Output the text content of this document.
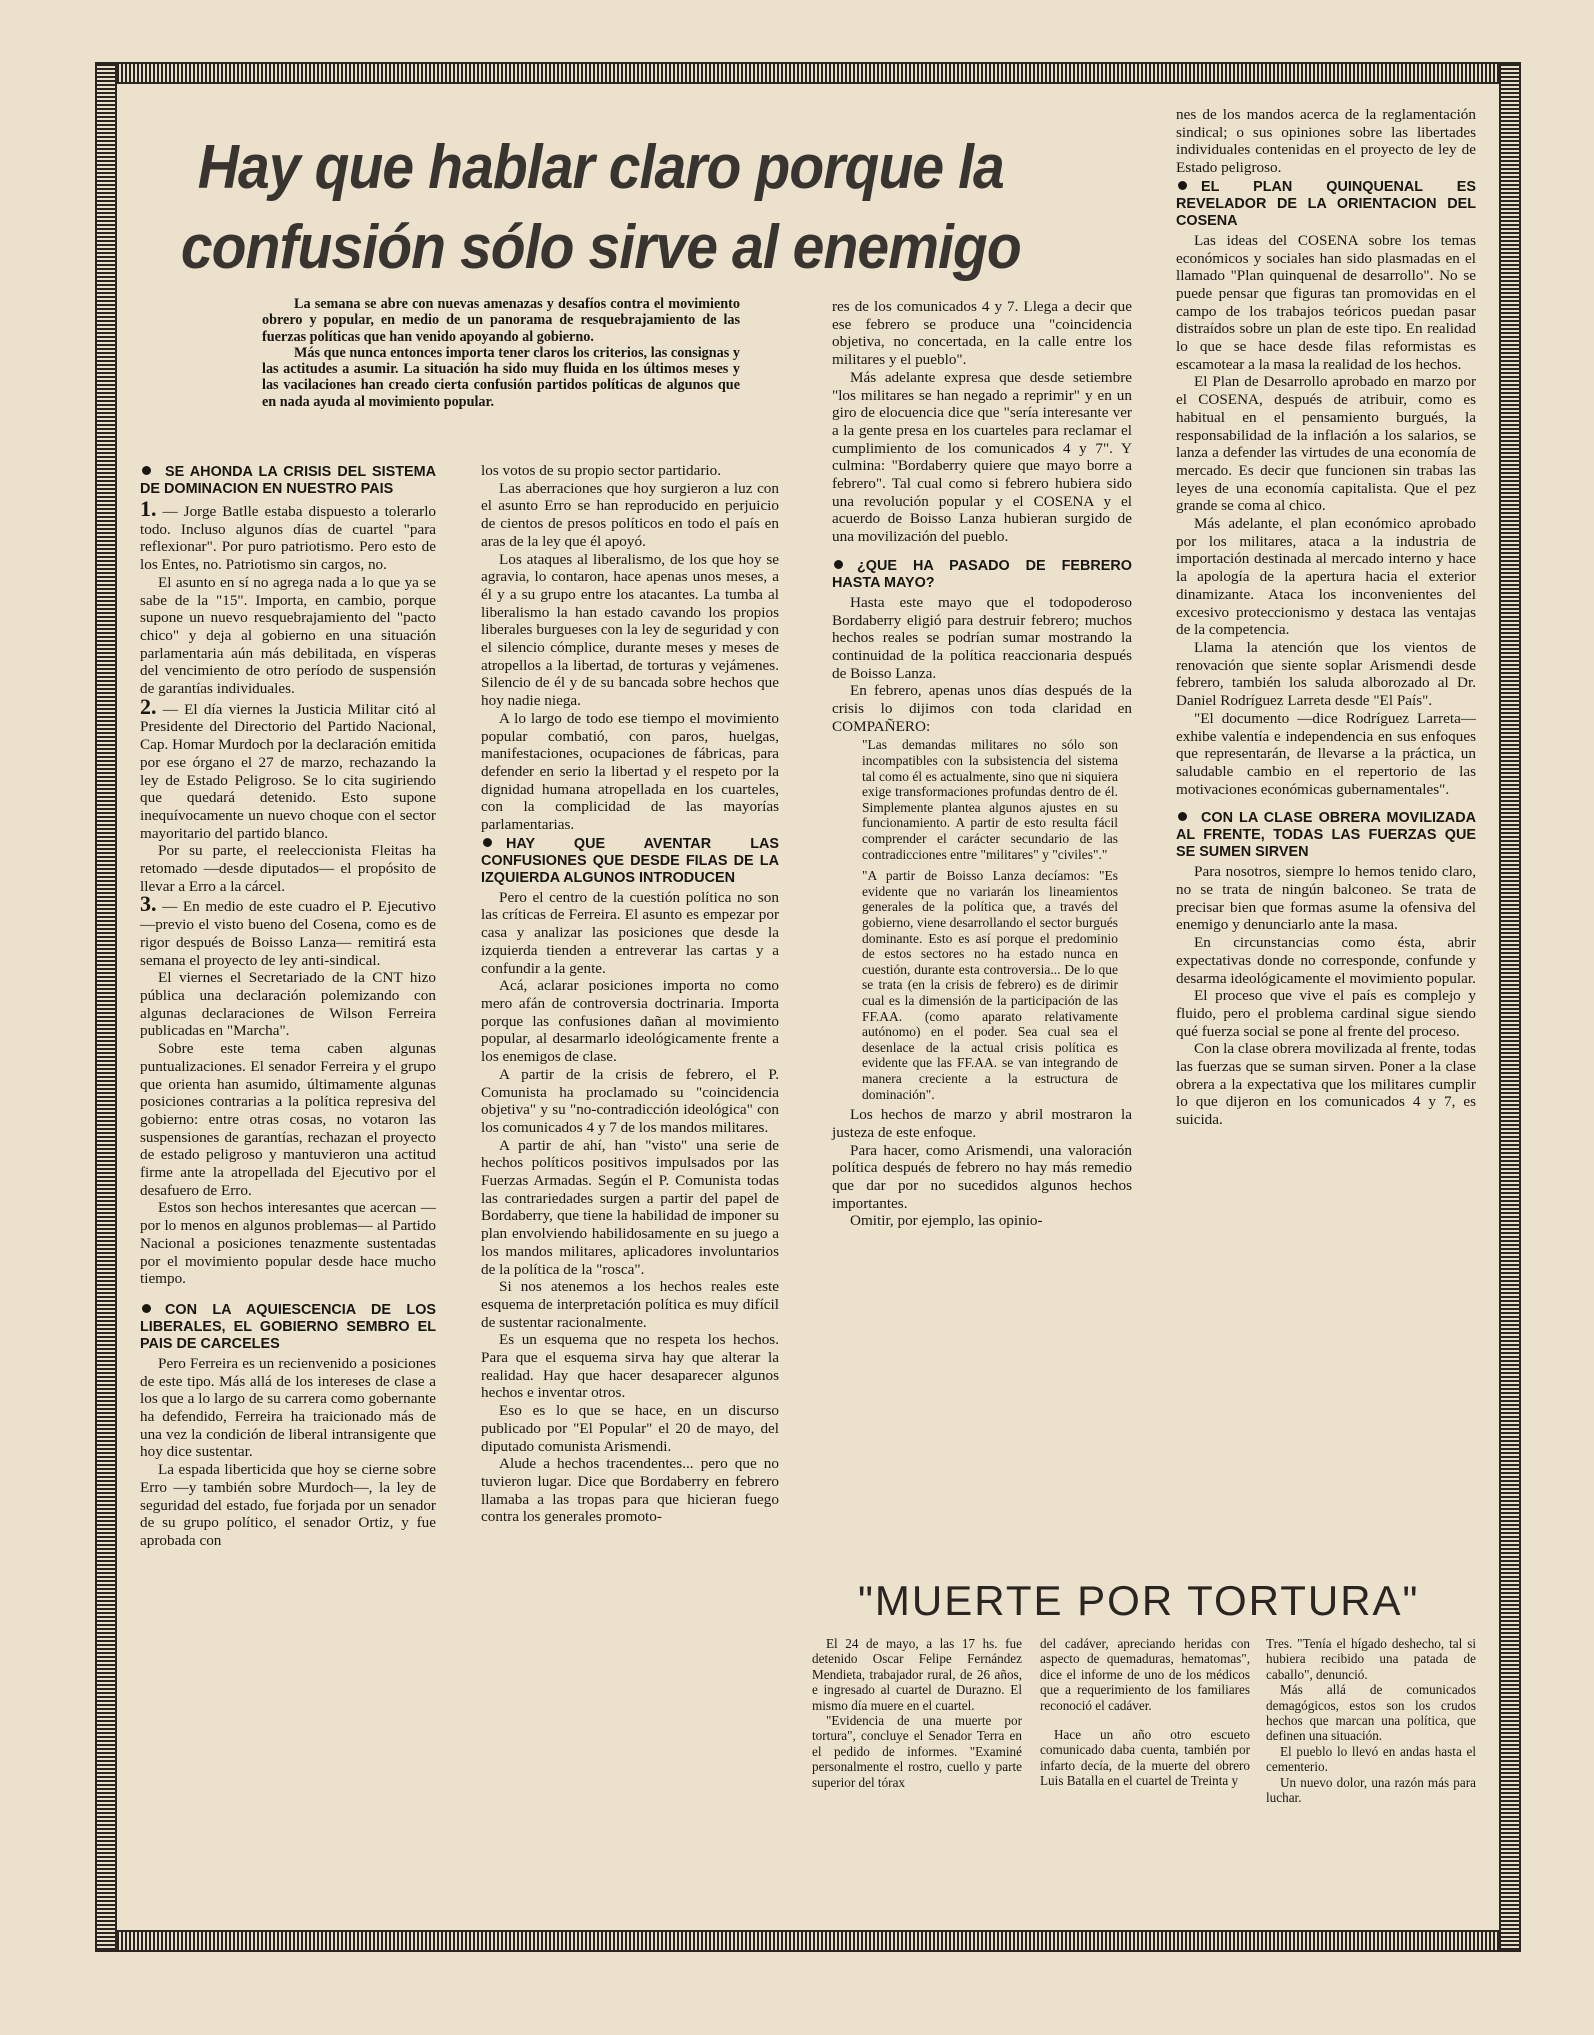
Hay que hablar claro porque la
confusión sólo sirve al enemigo

La semana se abre con nuevas amenazas y desafíos contra el movimiento obrero y popular, en medio de un panorama de resquebrajamiento de las fuerzas políticas que han venido apoyando al gobierno.

Más que nunca entonces importa tener claros los criterios, las consignas y las actitudes a asumir. La situación ha sido muy fluida en los últimos meses y las vacilaciones han creado cierta confusión partidos políticas de algunos que en nada ayuda al movimiento popular.

SE AHONDA LA CRISIS DEL SISTEMA DE DOMINACION EN NUESTRO PAIS

1. — Jorge Batlle estaba dispuesto a tolerarlo todo. Incluso algunos días de cuartel "para reflexionar". Por puro patriotismo. Pero esto de los Entes, no. Patriotismo sin cargos, no.

El asunto en sí no agrega nada a lo que ya se sabe de la "15". Importa, en cambio, porque supone un nuevo resquebrajamiento del "pacto chico" y deja al gobierno en una situación parlamentaria aún más debilitada, en vísperas del vencimiento de otro período de suspensión de garantías individuales.

2. — El día viernes la Justicia Militar citó al Presidente del Directorio del Partido Nacional, Cap. Homar Murdoch por la declaración emitida por ese órgano el 27 de marzo, rechazando la ley de Estado Peligroso. Se lo cita sugiriendo que quedará detenido. Esto supone inequívocamente un nuevo choque con el sector mayoritario del partido blanco.

Por su parte, el reeleccionista Fleitas ha retomado —desde diputados— el propósito de llevar a Erro a la cárcel.

3. — En medio de este cuadro el P. Ejecutivo —previo el visto bueno del Cosena, como es de rigor después de Boisso Lanza— remitirá esta semana el proyecto de ley anti-sindical.

El viernes el Secretariado de la CNT hizo pública una declaración polemizando con algunas declaraciones de Wilson Ferreira publicadas en "Marcha".

Sobre este tema caben algunas puntualizaciones. El senador Ferreira y el grupo que orienta han asumido, últimamente algunas posiciones contrarias a la política represiva del gobierno: entre otras cosas, no votaron las suspensiones de garantías, rechazan el proyecto de estado peligroso y mantuvieron una actitud firme ante la atropellada del Ejecutivo por el desafuero de Erro.

Estos son hechos interesantes que acercan —por lo menos en algunos problemas— al Partido Nacional a posiciones tenazmente sustentadas por el movimiento popular desde hace mucho tiempo.

CON LA AQUIESCENCIA DE LOS LIBERALES, EL GOBIERNO SEMBRO EL PAIS DE CARCELES

Pero Ferreira es un recienvenido a posiciones de este tipo. Más allá de los intereses de clase a los que a lo largo de su carrera como gobernante ha defendido, Ferreira ha traicionado más de una vez la condición de liberal intransigente que hoy dice sustentar.

La espada liberticida que hoy se cierne sobre Erro —y también sobre Murdoch—, la ley de seguridad del estado, fue forjada por un senador de su grupo político, el senador Ortiz, y fue aprobada con

los votos de su propio sector partidario.

Las aberraciones que hoy surgieron a luz con el asunto Erro se han reproducido en perjuicio de cientos de presos políticos en todo el país en aras de la ley que él apoyó.

Los ataques al liberalismo, de los que hoy se agravia, lo contaron, hace apenas unos meses, a él y a su grupo entre los atacantes. La tumba al liberalismo la han estado cavando los propios liberales burgueses con la ley de seguridad y con el silencio cómplice, durante meses y meses de atropellos a la libertad, de torturas y vejámenes. Silencio de él y de su bancada sobre hechos que hoy nadie niega.

A lo largo de todo ese tiempo el movimiento popular combatió, con paros, huelgas, manifestaciones, ocupaciones de fábricas, para defender en serio la libertad y el respeto por la dignidad humana atropellada en los cuarteles, con la complicidad de las mayorías parlamentarias.

HAY QUE AVENTAR LAS CONFUSIONES QUE DESDE FILAS DE LA IZQUIERDA ALGUNOS INTRODUCEN

Pero el centro de la cuestión política no son las críticas de Ferreira. El asunto es empezar por casa y analizar las posiciones que desde la izquierda tienden a entreverar las cartas y a confundir a la gente.

Acá, aclarar posiciones importa no como mero afán de controversia doctrinaria. Importa porque las confusiones dañan al movimiento popular, al desarmarlo ideológicamente frente a los enemigos de clase.

A partir de la crisis de febrero, el P. Comunista ha proclamado su "coincidencia objetiva" y su "no-contradicción ideológica" con los comunicados 4 y 7 de los mandos militares.

A partir de ahí, han "visto" una serie de hechos políticos positivos impulsados por las Fuerzas Armadas. Según el P. Comunista todas las contrariedades surgen a partir del papel de Bordaberry, que tiene la habilidad de imponer su plan envolviendo habilidosamente en su juego a los mandos militares, aplicadores involuntarios de la política de la "rosca".

Si nos atenemos a los hechos reales este esquema de interpretación política es muy difícil de sustentar racionalmente.

Es un esquema que no respeta los hechos. Para que el esquema sirva hay que alterar la realidad. Hay que hacer desaparecer algunos hechos e inventar otros.

Eso es lo que se hace, en un discurso publicado por "El Popular" el 20 de mayo, del diputado comunista Arismendi.

Alude a hechos tracendentes... pero que no tuvieron lugar. Dice que Bordaberry en febrero llamaba a las tropas para que hicieran fuego contra los generales promoto-

res de los comunicados 4 y 7. Llega a decir que ese febrero se produce una "coincidencia objetiva, no concertada, en la calle entre los militares y el pueblo".

Más adelante expresa que desde setiembre "los militares se han negado a reprimir" y en un giro de elocuencia dice que "sería interesante ver a la gente presa en los cuarteles para reclamar el cumplimiento de los comunicados 4 y 7". Y culmina: "Bordaberry quiere que mayo borre a febrero". Tal cual como si febrero hubiera sido una revolución popular y el COSENA y el acuerdo de Boisso Lanza hubieran surgido de una movilización del pueblo.

¿QUE HA PASADO DE FEBRERO HASTA MAYO?

Hasta este mayo que el todopoderoso Bordaberry eligió para destruir febrero; muchos hechos reales se podrían sumar mostrando la continuidad de la política reaccionaria después de Boisso Lanza.

En febrero, apenas unos días después de la crisis lo dijimos con toda claridad en COMPAÑERO:

"Las demandas militares no sólo son incompatibles con la subsistencia del sistema tal como él es actualmente, sino que ni siquiera exige transformaciones profundas dentro de él. Simplemente plantea algunos ajustes en su funcionamiento. A partir de esto resulta fácil comprender el carácter secundario de las contradicciones entre "militares" y "civiles"."

"A partir de Boisso Lanza decíamos: "Es evidente que no variarán los lineamientos generales de la política que, a través del gobierno, viene desarrollando el sector burgués dominante. Esto es así porque el predominio de estos sectores no ha estado nunca en cuestión, durante esta controversia... De lo que se trata (en la crisis de febrero) es de dirimir cual es la dimensión de la participación de las FF.AA. (como aparato relativamente autónomo) en el poder. Sea cual sea el desenlace de la actual crisis política es evidente que las FF.AA. se van integrando de manera creciente a la estructura de dominación".

Los hechos de marzo y abril mostraron la justeza de este enfoque.

Para hacer, como Arismendi, una valoración política después de febrero no hay más remedio que dar por no sucedidos algunos hechos importantes.

Omitir, por ejemplo, las opinio-

nes de los mandos acerca de la reglamentación sindical; o sus opiniones sobre las libertades individuales contenidas en el proyecto de ley de Estado peligroso.

EL PLAN QUINQUENAL ES REVELADOR DE LA ORIENTACION DEL COSENA

Las ideas del COSENA sobre los temas económicos y sociales han sido plasmadas en el llamado "Plan quinquenal de desarrollo". No se puede pensar que figuras tan promovidas en el campo de los trabajos teóricos puedan pasar distraídos sobre un plan de este tipo. En realidad lo que se hace desde filas reformistas es escamotear a la masa la realidad de los hechos.

El Plan de Desarrollo aprobado en marzo por el COSENA, después de atribuir, como es habitual en el pensamiento burgués, la responsabilidad de la inflación a los salarios, se lanza a defender las virtudes de una economía de mercado. Es decir que funcionen sin trabas las leyes de una economía capitalista. Que el pez grande se coma al chico.

Más adelante, el plan económico aprobado por los militares, ataca a la industria de importación destinada al mercado interno y hace la apología de la apertura hacia el exterior dinamizante. Ataca los inconvenientes del excesivo proteccionismo y destaca las ventajas de la competencia.

Llama la atención que los vientos de renovación que siente soplar Arismendi desde febrero, también los saluda alborozado al Dr. Daniel Rodríguez Larreta desde "El País".

"El documento —dice Rodríguez Larreta— exhibe valentía e independencia en sus enfoques que representarán, de llevarse a la práctica, un saludable cambio en el repertorio de las motivaciones económicas gubernamentales".

CON LA CLASE OBRERA MOVILIZADA AL FRENTE, TODAS LAS FUERZAS QUE SE SUMEN SIRVEN

Para nosotros, siempre lo hemos tenido claro, no se trata de ningún balconeo. Se trata de precisar bien que formas asume la ofensiva del enemigo y denunciarlo ante la masa.

En circunstancias como ésta, abrir expectativas donde no corresponde, confunde y desarma ideológicamente el movimiento popular.

El proceso que vive el país es complejo y fluido, pero el problema cardinal sigue siendo qué fuerza social se pone al frente del proceso.

Con la clase obrera movilizada al frente, todas las fuerzas que se suman sirven. Poner a la clase obrera a la expectativa que los militares cumplir lo que dijeron en los comunicados 4 y 7, es suicida.

"MUERTE POR TORTURA"

El 24 de mayo, a las 17 hs. fue detenido Oscar Felipe Fernández Mendieta, trabajador rural, de 26 años, e ingresado al cuartel de Durazno. El mismo día muere en el cuartel.

"Evidencia de una muerte por tortura", concluye el Senador Terra en el pedido de informes. "Examiné personalmente el rostro, cuello y parte superior del tórax

del cadáver, apreciando heridas con aspecto de quemaduras, hematomas", dice el informe de uno de los médicos que a requerimiento de los familiares reconoció el cadáver.

Hace un año otro escueto comunicado daba cuenta, también por infarto decía, de la muerte del obrero Luis Batalla en el cuartel de Treinta y

Tres. "Tenía el hígado deshecho, tal si hubiera recibido una patada de caballo", denunció.

Más allá de comunicados demagógicos, estos son los crudos hechos que marcan una política, que definen una situación.

El pueblo lo llevó en andas hasta el cementerio.

Un nuevo dolor, una razón más para luchar.
